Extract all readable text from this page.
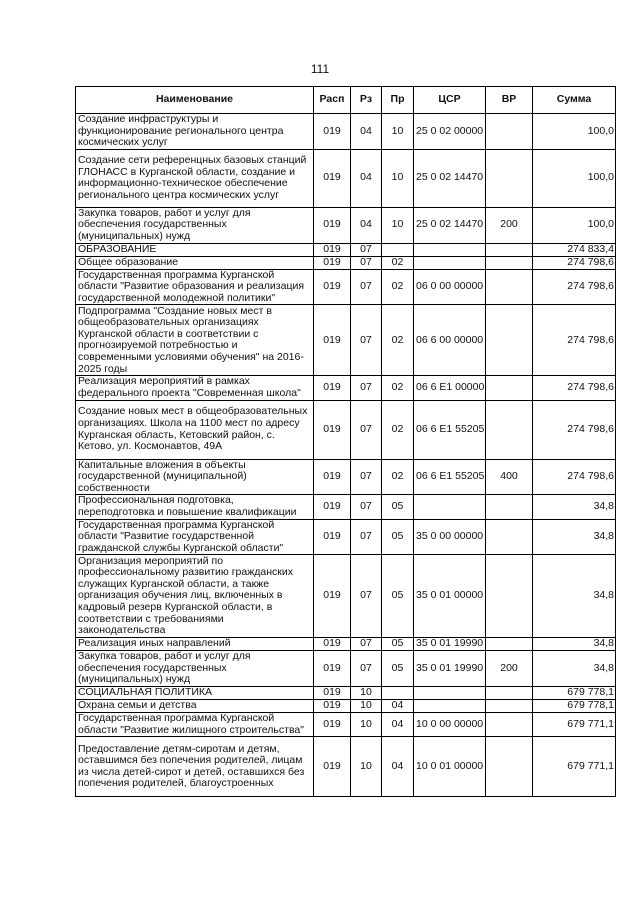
111
Наименование	Расп	Рз	Пр	ЦСР	ВР	Сумма
Создание инфраструктуры и функционирование регионального центра космических услуг	019	04	10	25 0 02 00000		100,0
Создание сети референцных базовых станций ГЛОНАСС в Курганской области, создание и информационно-техническое обеспечение регионального центра космических услуг	019	04	10	25 0 02 14470		100,0
Закупка товаров, работ и услуг для обеспечения государственных (муниципальных) нужд	019	04	10	25 0 02 14470	200	100,0
ОБРАЗОВАНИЕ	019	07				274 833,4
Общее образование	019	07	02			274 798,6
Государственная программа Курганской области "Развитие образования и реализация государственной молодежной политики"	019	07	02	06 0 00 00000		274 798,6
Подпрограмма "Создание новых мест в общеобразовательных организациях Курганской области в соответствии с прогнозируемой потребностью и современными условиями обучения" на 2016-2025 годы	019	07	02	06 6 00 00000		274 798,6
Реализация мероприятий в рамках федерального проекта "Современная школа"	019	07	02	06 6 E1 00000		274 798,6
Создание новых мест в общеобразовательных организациях. Школа на 1100 мест по адресу Курганская область, Кетовский район, с. Кетово, ул. Космонавтов, 49А	019	07	02	06 6 E1 55205		274 798,6
Капитальные вложения в объекты государственной (муниципальной) собственности	019	07	02	06 6 E1 55205	400	274 798,6
Профессиональная подготовка, переподготовка и повышение квалификации	019	07	05			34,8
Государственная программа Курганской области "Развитие государственной гражданской службы Курганской области"	019	07	05	35 0 00 00000		34,8
Организация мероприятий по профессиональному развитию гражданских служащих Курганской области, а также организация обучения лиц, включенных в кадровый резерв Курганской области, в соответствии с требованиями законодательства	019	07	05	35 0 01 00000		34,8
Реализация иных направлений	019	07	05	35 0 01 19990		34,8
Закупка товаров, работ и услуг для обеспечения государственных (муниципальных) нужд	019	07	05	35 0 01 19990	200	34,8
СОЦИАЛЬНАЯ ПОЛИТИКА	019	10				679 778,1
Охрана семьи и детства	019	10	04			679 778,1
Государственная программа Курганской области "Развитие жилищного строительства"	019	10	04	10 0 00 00000		679 771,1
Предоставление детям-сиротам и детям, оставшимся без попечения родителей, лицам из числа детей-сирот и детей, оставшихся без попечения родителей, благоустроенных	019	10	04	10 0 01 00000		679 771,1
